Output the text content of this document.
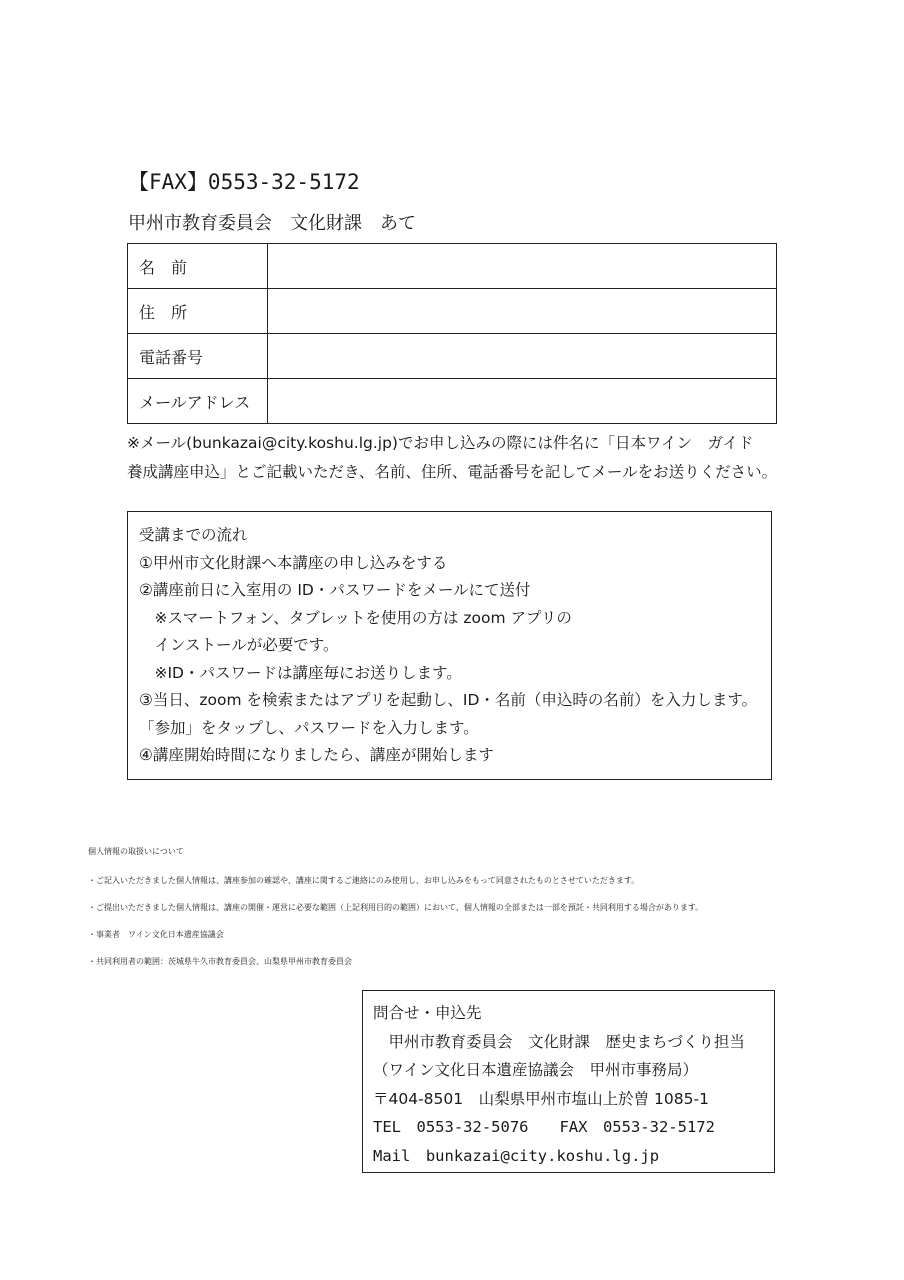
【FAX】0553-32-5172
甲州市教育委員会　文化財課　あて
名　前	
住　所	
電話番号	
メールアドレス	
※メール(bunkazai@city.koshu.lg.jp)でお申し込みの際には件名に「日本ワイン　ガイド
養成講座申込」とご記載いただき、名前、住所、電話番号を記してメールをお送りください。
受講までの流れ
①甲州市文化財課へ本講座の申し込みをする
②講座前日に入室用の ID・パスワードをメールにて送付
　※スマートフォン、タブレットを使用の方は zoom アプリの
　インストールが必要です。
　※ID・パスワードは講座毎にお送りします。
③当日、zoom を検索またはアプリを起動し、ID・名前（申込時の名前）を入力します。
「参加」をタップし、パスワードを入力します。
④講座開始時間になりましたら、講座が開始します
個人情報の取扱いについて
・ご記入いただきました個人情報は、講座参加の確認や、講座に関するご連絡にのみ使用し、お申し込みをもって同意されたものとさせていただきます。
・ご提出いただきました個人情報は、講座の開催・運営に必要な範囲（上記利用目的の範囲）において、個人情報の全部または一部を預託・共同利用する場合があります。
・事業者　ワイン文化日本遺産協議会
・共同利用者の範囲：茨城県牛久市教育委員会、山梨県甲州市教育委員会
問合せ・申込先
　甲州市教育委員会　文化財課　歴史まちづくり担当
（ワイン文化日本遺産協議会　甲州市事務局）
〒404-8501　山梨県甲州市塩山上於曽 1085-1
TEL　0553-32-5076　　FAX　0553-32-5172
Mail　bunkazai@city.koshu.lg.jp
